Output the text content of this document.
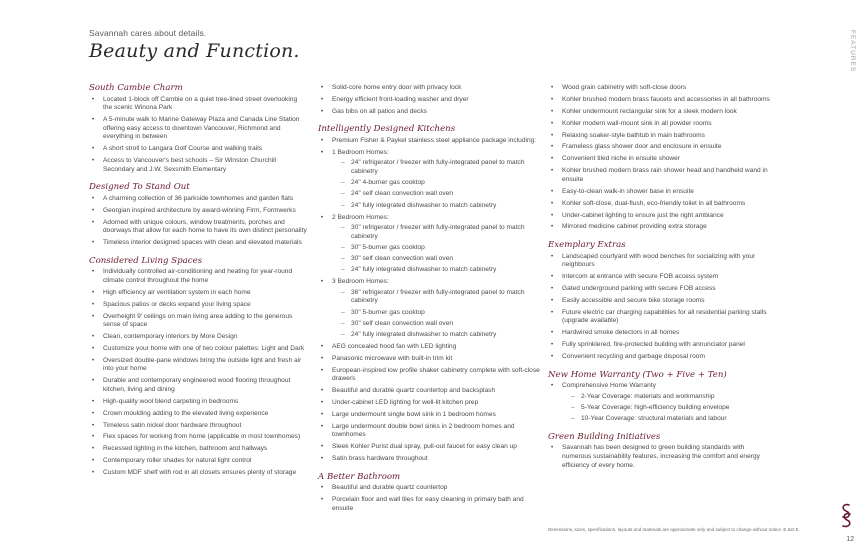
Savannah cares about details.
Beauty and Function.	FEATURES
South Cambie Charm
• Located 1-block off Cambie on a quiet tree-lined street overlooking the scenic Winona Park
• A 5-minute walk to Marine Gateway Plaza and Canada Line Station offering easy access to downtown Vancouver, Richmond and everything in between
• A short stroll to Langara Golf Course and walking trails
• Access to Vancouver's best schools – Sir Winston Churchill Secondary and J.W. Sexsmith Elementary
Designed To Stand Out
• A charming collection of 36 parkside townhomes and garden flats
• Georgian inspired architecture by award-winning Firm, Formwerks
• Adorned with unique colours, window treatments, porches and doorways that allow for each home to have its own distinct personality
• Timeless interior designed spaces with clean and elevated materials
Considered Living Spaces
• Individually controlled air-conditioning and heating for year-round climate control throughout the home
• High efficiency air ventilation system in each home
• Spacious patios or decks expand your living space
• Overheight 9' ceilings on main living area adding to the generous sense of space
• Clean, contemporary interiors by More Design
• Customize your home with one of two colour palettes: Light and Dark
• Oversized double-pane windows bring the outside light and fresh air into your home
• Durable and contemporary engineered wood flooring throughout kitchen, living and dining
• High-quality wool blend carpeting in bedrooms
• Crown moulding adding to the elevated living experience
• Timeless satin nickel door hardware throughout
• Flex spaces for working from home (applicable in most townhomes)
• Recessed lighting in the kitchen, bathroom and hallways
• Contemporary roller shades for natural light control
• Custom MDF shelf with rod in all closets ensures plenty of storage
• Solid-core home entry door with privacy lock
• Energy efficient front-loading washer and dryer
• Gas bibs on all patios and decks
Intelligently Designed Kitchens
• Premium Fisher & Paykel stainless steel appliance package including:
• 1 Bedroom Homes:
– 24" refrigerator / freezer with fully-integrated panel to match cabinetry
– 24" 4-burner gas cooktop
– 24" self clean convection wall oven
– 24" fully integrated dishwasher to match cabinetry
• 2 Bedroom Homes:
– 30" refrigerator / freezer with fully-integrated panel to match cabinetry
– 30" 5-burner gas cooktop
– 30" self clean convection wall oven
– 24" fully integrated dishwasher to match cabinetry
• 3 Bedroom Homes:
– 36" refrigerator / freezer with fully-integrated panel to match cabinetry
– 30" 5-burner gas cooktop
– 30" self clean convection wall oven
– 24" fully integrated dishwasher to match cabinetry
• AEG concealed hood fan with LED lighting
• Panasonic microwave with built-in trim kit
• European-inspired low profile shaker cabinetry complete with soft-close drawers
• Beautiful and durable quartz countertop and backsplash
• Under-cabinet LED lighting for well-lit kitchen prep
• Large undermount single bowl sink in 1 bedroom homes
• Large undermount double bowl sinks in 2 bedroom homes and townhomes
• Sleek Kohler Purist dual spray, pull-out faucet for easy clean up
• Satin brass hardware throughout
A Better Bathroom
• Beautiful and durable quartz countertop
• Porcelain floor and wall tiles for easy cleaning in primary bath and ensuite
• Wood grain cabinetry with soft-close doors
• Kohler brushed modern brass faucets and accessories in all bathrooms
• Kohler undermount rectangular sink for a sleek modern look
• Kohler modern wall-mount sink in all powder rooms
• Relaxing soaker-style bathtub in main bathrooms
• Frameless glass shower door and enclosure in ensuite
• Convenient tiled niche in ensuite shower
• Kohler brushed modern brass rain shower head and handheld wand in ensuite
• Easy-to-clean walk-in shower base in ensuite
• Kohler soft-close, dual-flush, eco-friendly toilet in all bathrooms
• Under-cabinet lighting to ensure just the right ambiance
• Mirrored medicine cabinet providing extra storage
Exemplary Extras
• Landscaped courtyard with wood benches for socializing with your neighbours
• Intercom at entrance with secure FOB access system
• Gated underground parking with secure FOB access
• Easily accessible and secure bike storage rooms
• Future electric car charging capabilities for all residential parking stalls (upgrade available)
• Hardwired smoke detectors in all homes
• Fully sprinklered, fire-protected building with annunciator panel
• Convenient recycling and garbage disposal room
New Home Warranty (Two + Five + Ten)
• Comprehensive Home Warranty
– 2-Year Coverage: materials and workmanship
– 5-Year Coverage: high-efficiency building envelope
– 10-Year Coverage: structural materials and labour
Green Building Initiatives
• Savannah has been designed to green building standards with numerous sustainability features, increasing the comfort and energy efficiency of every home.
Dimensions, sizes, specifications, layouts and materials are approximate only and subject to change without notice. E.&O.E.
12
